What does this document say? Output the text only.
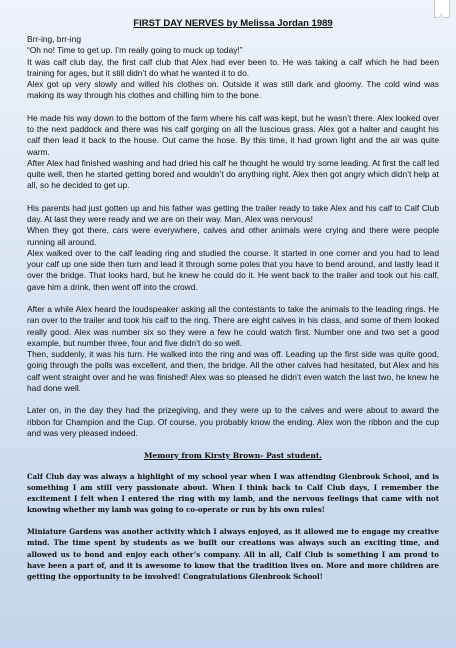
FIRST DAY NERVES by Melissa Jordan 1989

Brr-ing, brr-ing

“Oh no! Time to get up. I’m really going to muck up today!”

It was calf club day, the first calf club that Alex had ever been to. He was taking a calf which he had been training for ages, but it still didn’t do what he wanted it to do.

Alex got up very slowly and willed his clothes on. Outside it was still dark and gloomy. The cold wind was making its way through his clothes and chilling him to the bone.

He made his way down to the bottom of the farm where his calf was kept, but he wasn’t there. Alex looked over to the next paddock and there was his calf gorging on all the luscious grass. Alex got a halter and caught his calf then lead it back to the house. Out came the hose. By this time, it had grown light and the air was quite warm.

After Alex had finished washing and had dried his calf he thought he would try some leading. At first the calf led quite well, then he started getting bored and wouldn’t do anything right. Alex then got angry which didn’t help at all, so he decided to get up.

His parents had just gotten up and his father was getting the trailer ready to take Alex and his calf to Calf Club day. At last they were ready and we are on their way. Man, Alex was nervous!

When they got there, cars were everywhere, calves and other animals were crying and there were people running all around.

Alex walked over to the calf leading ring and studied the course. It started in one corner and you had to lead your calf up one side then turn and lead it through some poles that you have to bend around, and lastly lead it over the bridge. That looks hard, but he knew he could do it. He went back to the trailer and took out his calf, gave him a drink, then went off into the crowd.

After a while Alex heard the loudspeaker asking all the contestants to take the animals to the leading rings. He ran over to the trailer and took his calf to the ring. There are eight calves in his class, and some of them looked really good. Alex was number six so they were a few he could watch first. Number one and two set a good example, but number three, four and five didn’t do so well.

Then, suddenly, it was his turn. He walked into the ring and was off. Leading up the first side was quite good, going through the polls was excellent, and then, the bridge. All the other calves had hesitated, but Alex and his calf went straight over and he was finished! Alex was so pleased he didn’t even watch the last two, he knew he had done well.

Later on, in the day they had the prizegiving, and they were up to the calves and were about to award the ribbon for Champion and the Cup. Of course, you probably know the ending. Alex won the ribbon and the cup and was very pleased indeed.

Memory from Kirsty Brown- Past student.

Calf Club day was always a highlight of my school year when I was attending Glenbrook School, and is something I am still very passionate about. When I think back to Calf Club days, I remember the excitement I felt when I entered the ring with my lamb, and the nervous feelings that came with not knowing whether my lamb was going to co-operate or run by his own rules!

Miniature Gardens was another activity which I always enjoyed, as it allowed me to engage my creative mind. The time spent by students as we built our creations was always such an exciting time, and allowed us to bond and enjoy each other’s company. All in all, Calf Club is something I am proud to have been a part of, and it is awesome to know that the tradition lives on. More and more children are getting the opportunity to be involved! Congratulations Glenbrook School!
